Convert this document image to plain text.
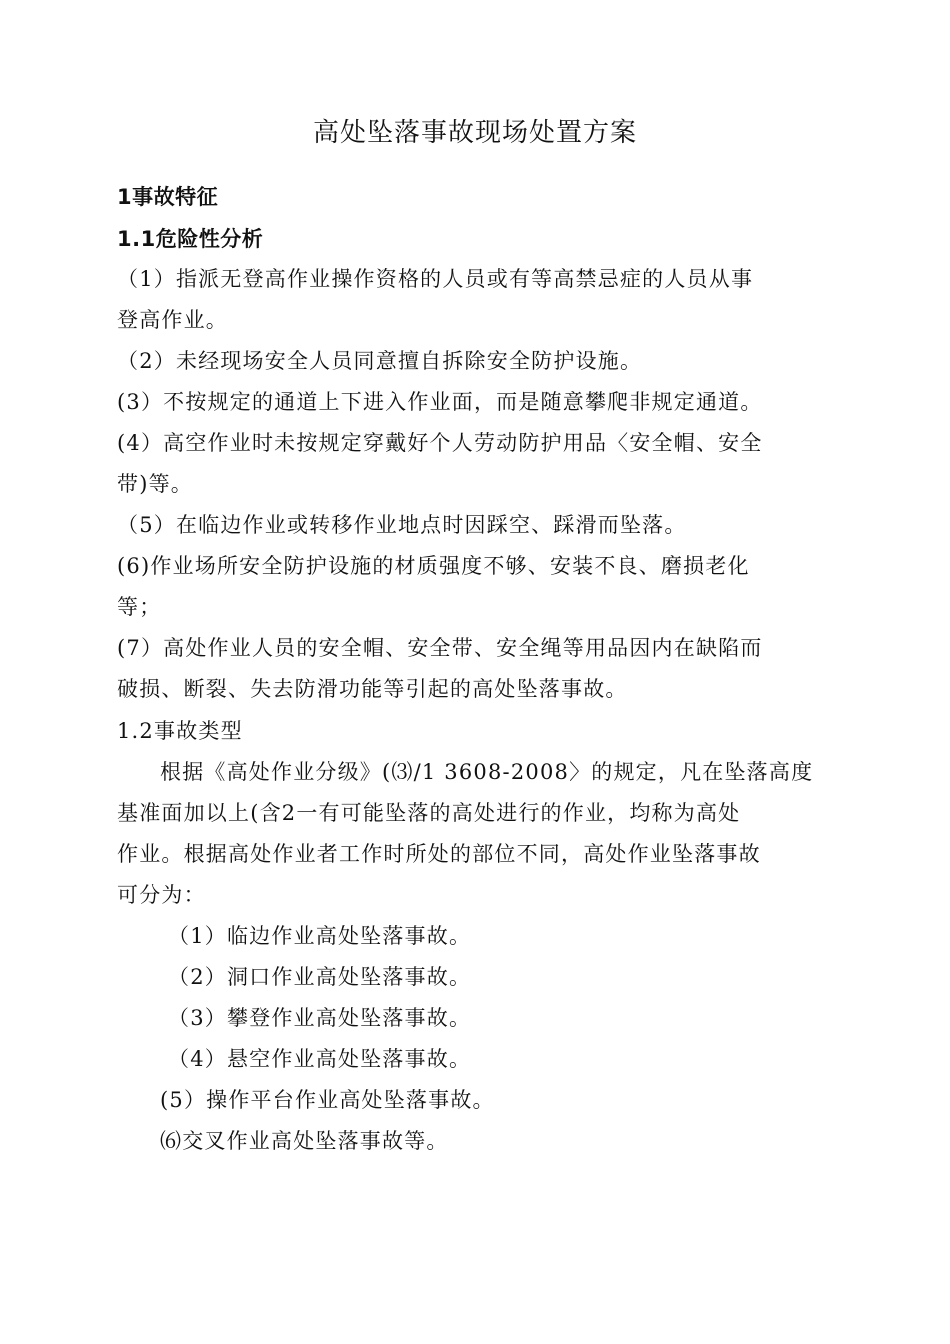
高处坠落事故现场处置方案
1事故特征
1.1危险性分析
（1）指派无登高作业操作资格的人员或有等高禁忌症的人员从事
登高作业。
（2）未经现场安全人员同意擅自拆除安全防护设施。
(3）不按规定的通道上下进入作业面，而是随意攀爬非规定通道。
(4）高空作业时未按规定穿戴好个人劳动防护用品〈安全帽、安全
带)等。
（5）在临边作业或转移作业地点时因踩空、踩滑而坠落。
(6)作业场所安全防护设施的材质强度不够、安装不良、磨损老化
等；
(7）高处作业人员的安全帽、安全带、安全绳等用品因内在缺陷而
破损、断裂、失去防滑功能等引起的高处坠落事故。
1.2事故类型
根据《高处作业分级》(⑶/1 3608-2008〉的规定，凡在坠落高度
基准面加以上(含2一有可能坠落的高处进行的作业，均称为高处
作业。根据高处作业者工作时所处的部位不同，高处作业坠落事故
可分为：
（1）临边作业高处坠落事故。
（2）洞口作业高处坠落事故。
（3）攀登作业高处坠落事故。
（4）悬空作业高处坠落事故。
(5）操作平台作业高处坠落事故。
⑹交叉作业高处坠落事故等。
